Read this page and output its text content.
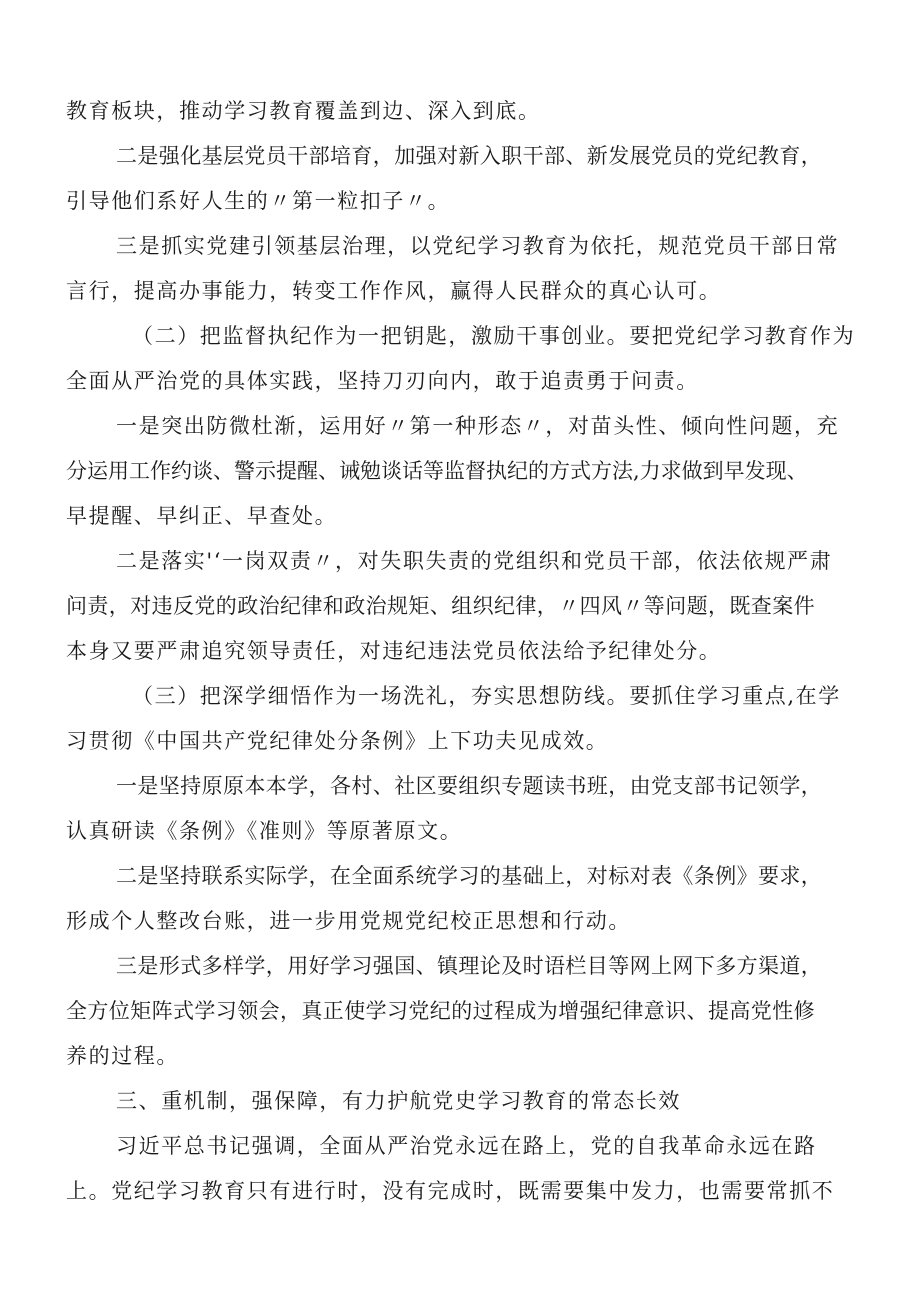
教育板块，推动学习教育覆盖到边、深入到底。
二是强化基层党员干部培育，加强对新入职干部、新发展党员的党纪教育，
引导他们系好人生的〃第一粒扣子〃。
三是抓实党建引领基层治理，以党纪学习教育为依托，规范党员干部日常
言行，提高办事能力，转变工作作风，赢得人民群众的真心认可。
（二）把监督执纪作为一把钥匙，激励干事创业。要把党纪学习教育作为
全面从严治党的具体实践，坚持刀刃向内，敢于追责勇于问责。
一是突出防微杜渐，运用好〃第一种形态〃，对苗头性、倾向性问题，充
分运用工作约谈、警示提醒、诫勉谈话等监督执纪的方式方法,力求做到早发现、
早提醒、早纠正、早查处。
二是落实'‘一岗双责〃，对失职失责的党组织和党员干部，依法依规严肃
问责，对违反党的政治纪律和政治规矩、组织纪律，〃四风〃等问题，既查案件
本身又要严肃追究领导责任，对违纪违法党员依法给予纪律处分。
（三）把深学细悟作为一场洗礼，夯实思想防线。要抓住学习重点,在学
习贯彻《中国共产党纪律处分条例》上下功夫见成效。
一是坚持原原本本学，各村、社区要组织专题读书班，由党支部书记领学，
认真研读《条例》《准则》等原著原文。
二是坚持联系实际学，在全面系统学习的基础上，对标对表《条例》要求，
形成个人整改台账，进一步用党规党纪校正思想和行动。
三是形式多样学，用好学习强国、镇理论及时语栏目等网上网下多方渠道，
全方位矩阵式学习领会，真正使学习党纪的过程成为增强纪律意识、提高党性修
养的过程。
三、重机制，强保障，有力护航党史学习教育的常态长效
习近平总书记强调，全面从严治党永远在路上，党的自我革命永远在路
上。党纪学习教育只有进行时，没有完成时，既需要集中发力，也需要常抓不
